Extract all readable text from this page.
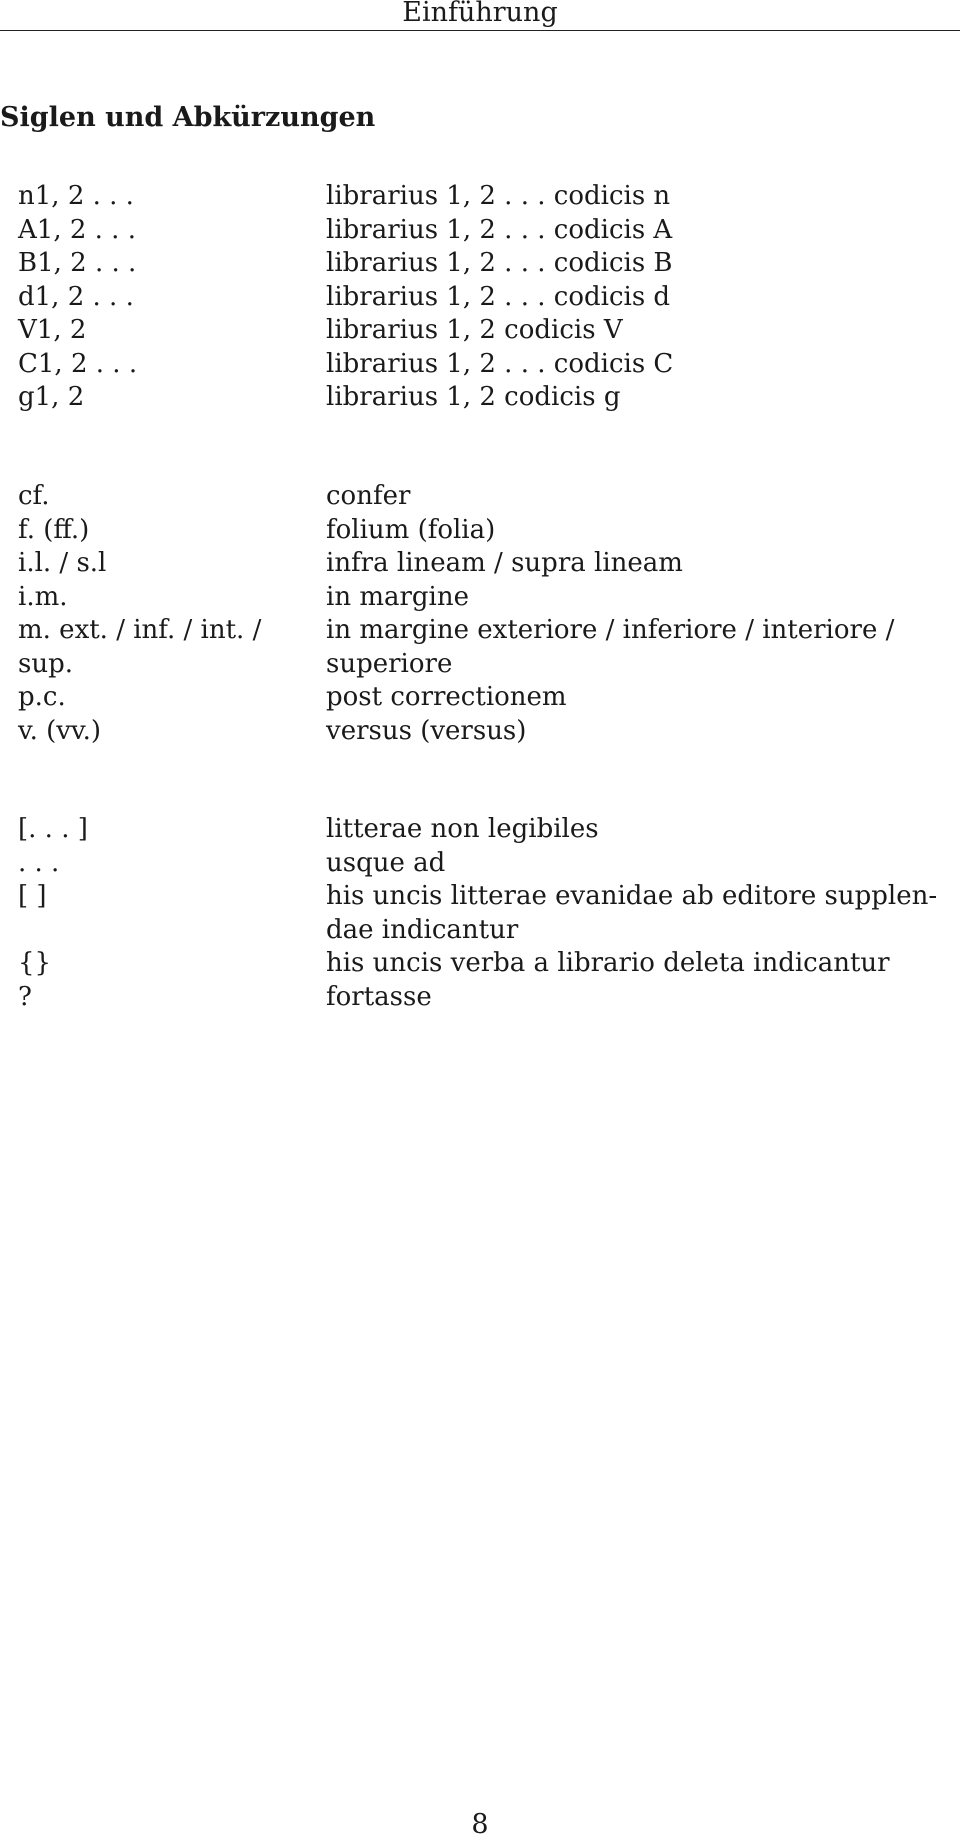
Einführung
Siglen und Abkürzungen
n1, 2 . . .	librarius 1, 2 . . . codicis n
A1, 2 . . .	librarius 1, 2 . . . codicis A
B1, 2 . . .	librarius 1, 2 . . . codicis B
d1, 2 . . .	librarius 1, 2 . . . codicis d
V1, 2	librarius 1, 2 codicis V
C1, 2 . . .	librarius 1, 2 . . . codicis C
g1, 2	librarius 1, 2 codicis g
cf.	confer
f. (ff.)	folium (folia)
i.l. / s.l	infra lineam / supra lineam
i.m.	in margine
m. ext. / inf. / int. /	in margine exteriore / inferiore / interiore /
sup.	superiore
p.c.	post correctionem
v. (vv.)	versus (versus)
[. . . ]	litterae non legibiles
. . .	usque ad
[ ]	his uncis litterae evanidae ab editore supplen-
dae indicantur
{}	his uncis verba a librario deleta indicantur
?	fortasse
8
